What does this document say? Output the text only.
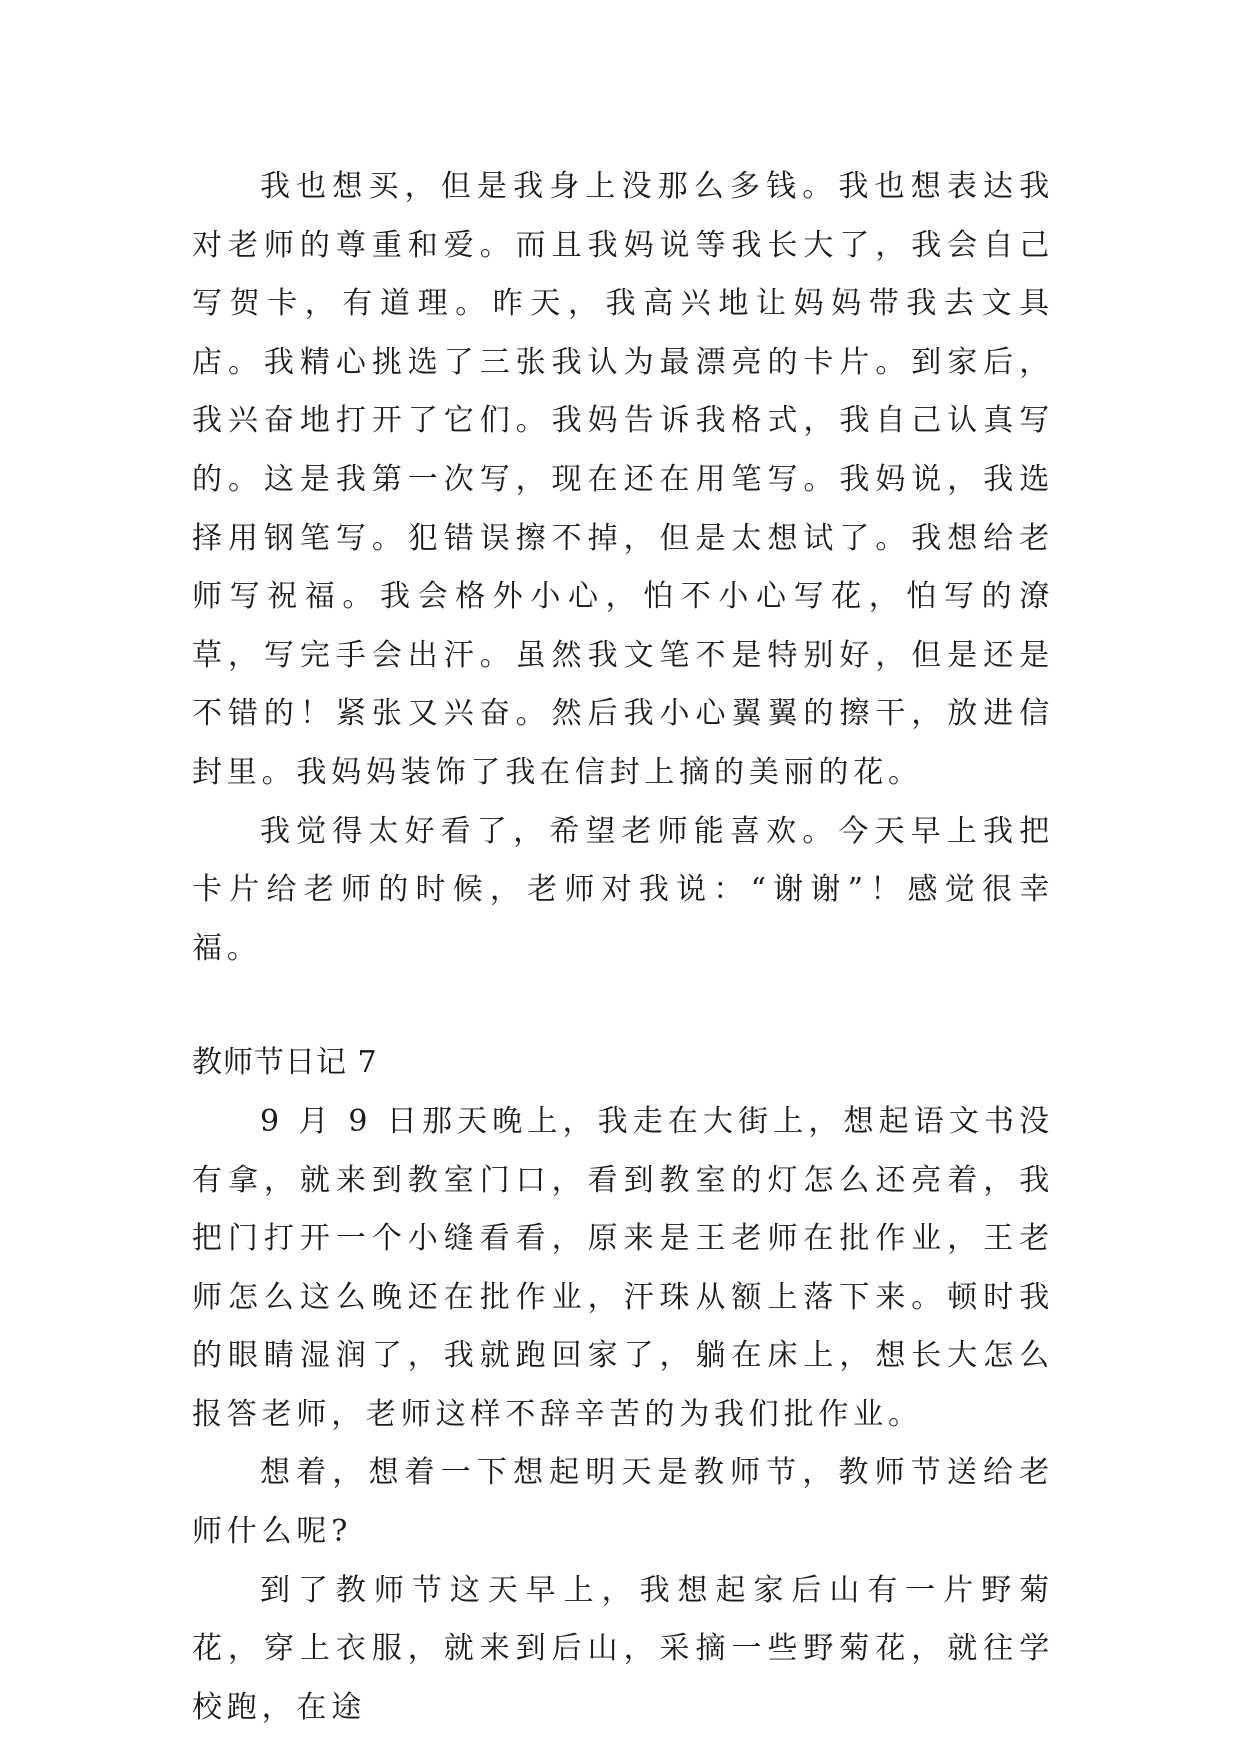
我也想买，但是我身上没那么多钱。我也想表达我对老师的尊重和爱。而且我妈说等我长大了，我会自己写贺卡，有道理。昨天，我高兴地让妈妈带我去文具店。我精心挑选了三张我认为最漂亮的卡片。到家后，我兴奋地打开了它们。我妈告诉我格式，我自己认真写的。这是我第一次写，现在还在用笔写。我妈说，我选择用钢笔写。犯错误擦不掉，但是太想试了。我想给老师写祝福。我会格外小心，怕不小心写花，怕写的潦草，写完手会出汗。虽然我文笔不是特别好，但是还是不错的！紧张又兴奋。然后我小心翼翼的擦干，放进信封里。我妈妈装饰了我在信封上摘的美丽的花。

我觉得太好看了，希望老师能喜欢。今天早上我把卡片给老师的时候，老师对我说：“谢谢”！感觉很幸福。

教师节日记 7

9 月 9 日那天晚上，我走在大街上，想起语文书没有拿，就来到教室门口，看到教室的灯怎么还亮着，我把门打开一个小缝看看，原来是王老师在批作业，王老师怎么这么晚还在批作业，汗珠从额上落下来。顿时我的眼睛湿润了，我就跑回家了，躺在床上，想长大怎么报答老师，老师这样不辞辛苦的为我们批作业。

想着，想着一下想起明天是教师节，教师节送给老师什么呢?

到了教师节这天早上，我想起家后山有一片野菊花，穿上衣服，就来到后山，采摘一些野菊花，就往学校跑，在途
